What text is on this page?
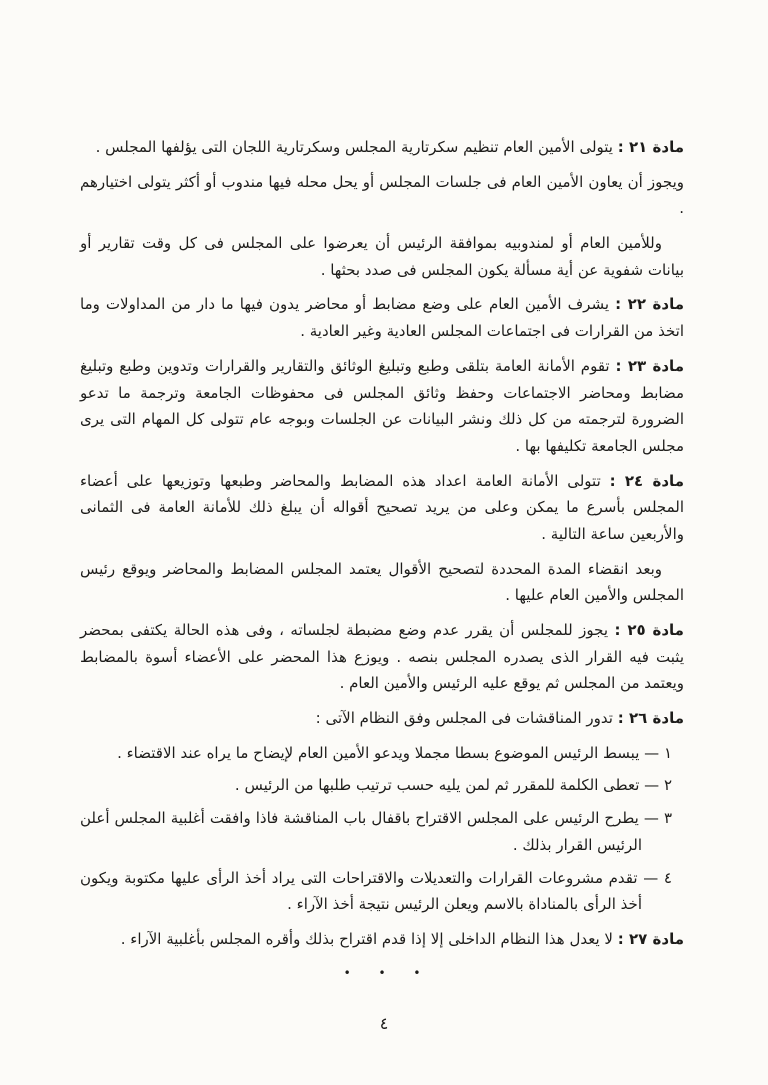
مادة ٢١ : يتولى الأمين العام تنظيم سكرتارية المجلس وسكرتارية اللجان التى يؤلفها المجلس .

ويجوز أن يعاون الأمين العام فى جلسات المجلس أو يحل محله فيها مندوب أو أكثر يتولى اختيارهم .

وللأمين العام أو لمندوبيه بموافقة الرئيس أن يعرضوا على المجلس فى كل وقت تقارير أو بيانات شفوية عن أية مسألة يكون المجلس فى صدد بحثها .

مادة ٢٢ : يشرف الأمين العام على وضع مضابط أو محاضر يدون فيها ما دار من المداولات وما اتخذ من القرارات فى اجتماعات المجلس العادية وغير العادية .

مادة ٢٣ : تقوم الأمانة العامة بتلقى وطبع وتبليغ الوثائق والتقارير والقرارات وتدوين وطبع وتبليغ مضابط ومحاضر الاجتماعات وحفظ وثائق المجلس فى محفوظات الجامعة وترجمة ما تدعو الضرورة لترجمته من كل ذلك ونشر البيانات عن الجلسات وبوجه عام تتولى كل المهام التى يرى مجلس الجامعة تكليفها بها .

مادة ٢٤ : تتولى الأمانة العامة اعداد هذه المضابط والمحاضر وطبعها وتوزيعها على أعضاء المجلس بأسرع ما يمكن وعلى من يريد تصحيح أقواله أن يبلغ ذلك للأمانة العامة فى الثمانى والأربعين ساعة التالية .

وبعد انقضاء المدة المحددة لتصحيح الأقوال يعتمد المجلس المضابط والمحاضر ويوقع رئيس المجلس والأمين العام عليها .

مادة ٢٥ : يجوز للمجلس أن يقرر عدم وضع مضبطة لجلساته ، وفى هذه الحالة يكتفى بمحضر يثبت فيه القرار الذى يصدره المجلس بنصه . ويوزع هذا المحضر على الأعضاء أسوة بالمضابط ويعتمد من المجلس ثم يوقع عليه الرئيس والأمين العام .

مادة ٢٦ : تدور المناقشات فى المجلس وفق النظام الآتى :

١ — يبسط الرئيس الموضوع بسطا مجملا ويدعو الأمين العام لإيضاح ما يراه عند الاقتضاء .

٢ — تعطى الكلمة للمقرر ثم لمن يليه حسب ترتيب طلبها من الرئيس .

٣ — يطرح الرئيس على المجلس الاقتراح باقفال باب المناقشة فاذا وافقت أغلبية المجلس أعلن الرئيس القرار بذلك .

٤ — تقدم مشروعات القرارات والتعديلات والاقتراحات التى يراد أخذ الرأى عليها مكتوبة ويكون أخذ الرأى بالمناداة بالاسم ويعلن الرئيس نتيجة أخذ الآراء .

مادة ٢٧ : لا يعدل هذا النظام الداخلى إلا إذا قدم اقتراح بذلك وأقره المجلس بأغلبية الآراء .

• • •
٤
